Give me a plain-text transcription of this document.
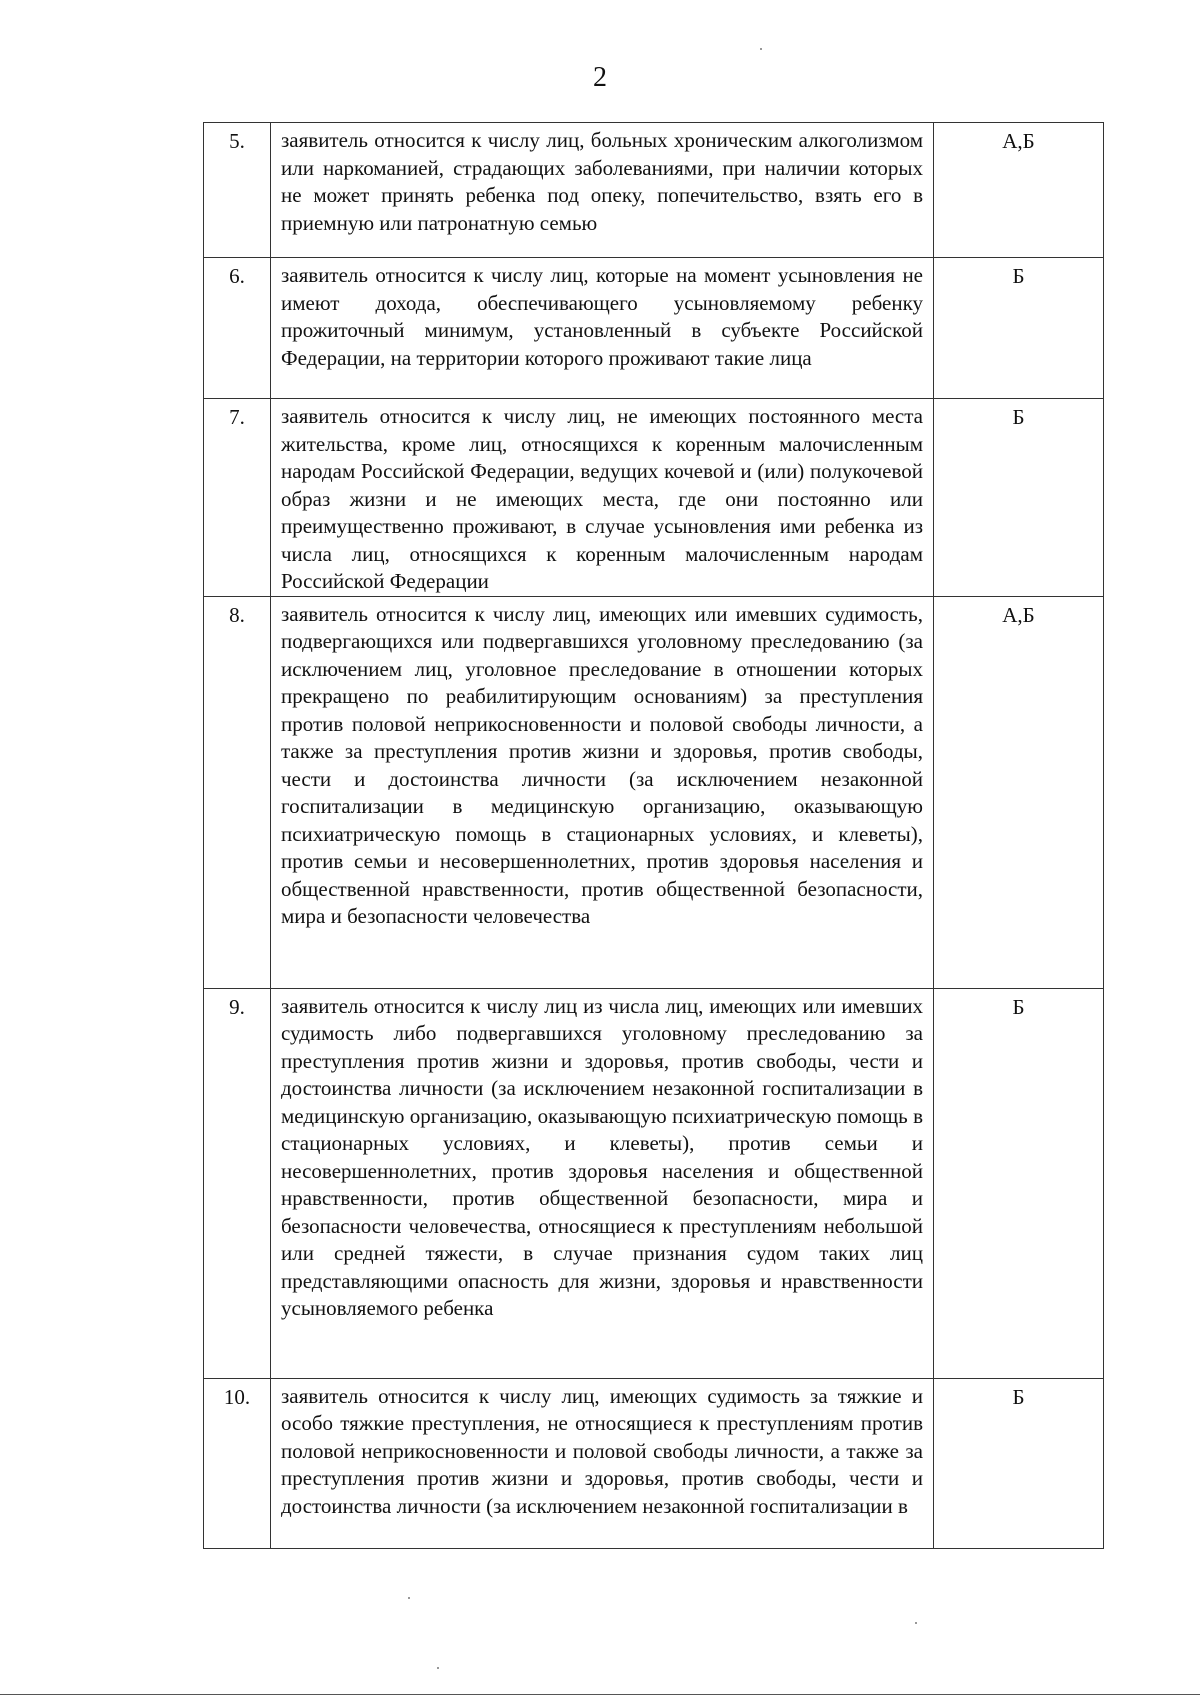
2
5.	заявитель относится к числу лиц, больных хроническим алкоголизмом или наркоманией, страдающих заболеваниями, при наличии которых не может принять ребенка под опеку, попечительство, взять его в приемную или патронатную семью	А,Б
6.	заявитель относится к числу лиц, которые на момент усыновления не имеют дохода, обеспечивающего усыновляемому ребенку прожиточный минимум, установленный в субъекте Российской Федерации, на территории которого проживают такие лица	Б
7.	заявитель относится к числу лиц, не имеющих постоянного места жительства, кроме лиц, относящихся к коренным малочисленным народам Российской Федерации, ведущих кочевой и (или) полукочевой образ жизни и не имеющих места, где они постоянно или преимущественно проживают, в случае усыновления ими ребенка из числа лиц, относящихся к коренным малочисленным народам Российской Федерации	Б
8.	заявитель относится к числу лиц, имеющих или имевших судимость, подвергающихся или подвергавшихся уголовному преследованию (за исключением лиц, уголовное преследование в отношении которых прекращено по реабилитирующим основаниям) за преступления против половой неприкосновенности и половой свободы личности, а также за преступления против жизни и здоровья, против свободы, чести и достоинства личности (за исключением незаконной госпитализации в медицинскую организацию, оказывающую психиатрическую помощь в стационарных условиях, и клеветы), против семьи и несовершеннолетних, против здоровья населения и общественной нравственности, против общественной безопасности, мира и безопасности человечества	А,Б
9.	заявитель относится к числу лиц из числа лиц, имеющих или имевших судимость либо подвергавшихся уголовному преследованию за преступления против жизни и здоровья, против свободы, чести и достоинства личности (за исключением незаконной госпитализации в медицинскую организацию, оказывающую психиатрическую помощь в стационарных условиях, и клеветы), против семьи и несовершеннолетних, против здоровья населения и общественной нравственности, против общественной безопасности, мира и безопасности человечества, относящиеся к преступлениям небольшой или средней тяжести, в случае признания судом таких лиц представляющими опасность для жизни, здоровья и нравственности усыновляемого ребенка	Б
10.	заявитель относится к числу лиц, имеющих судимость за тяжкие и особо тяжкие преступления, не относящиеся к преступлениям против половой неприкосновенности и половой свободы личности, а также за преступления против жизни и здоровья, против свободы, чести и достоинства личности (за исключением незаконной госпитализации в	Б
